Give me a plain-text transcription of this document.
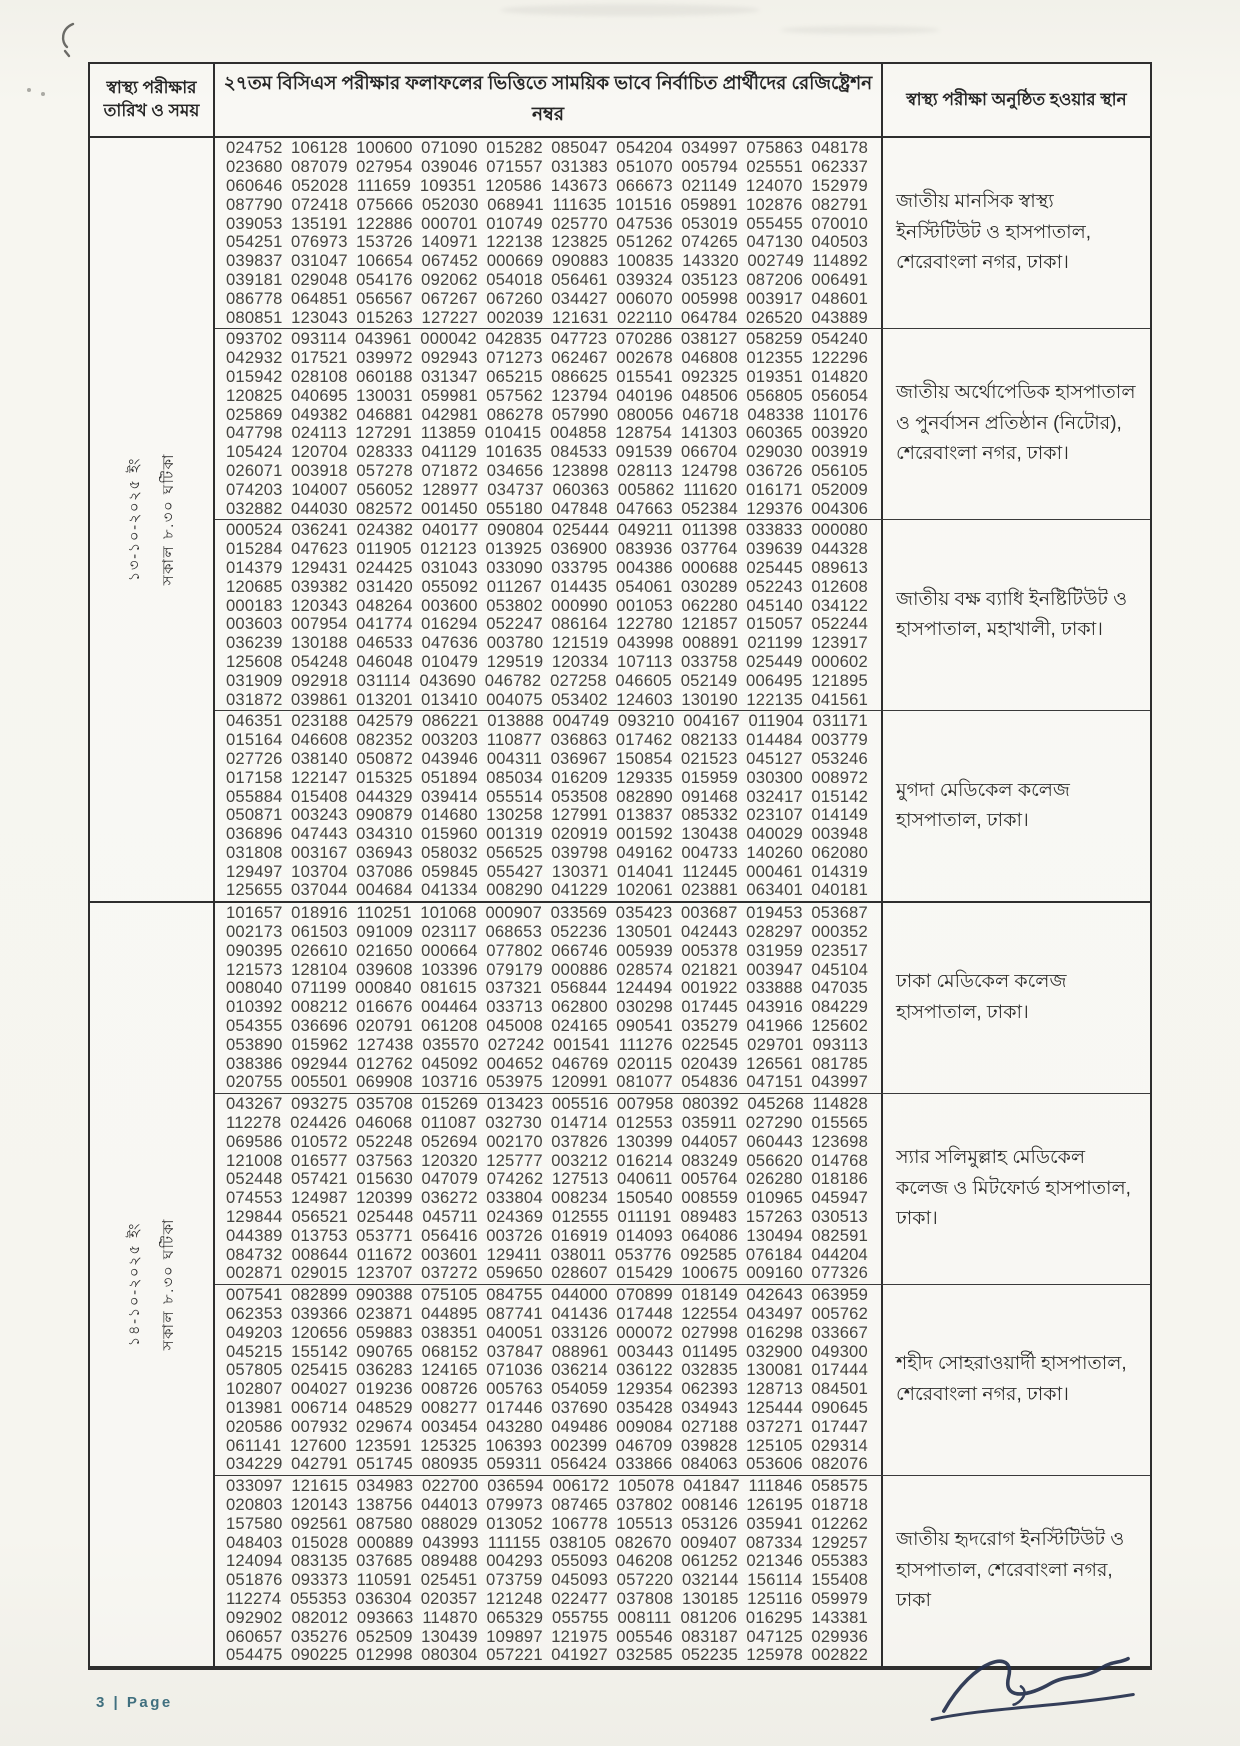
স্বাস্থ্য পরীক্ষার তারিখ ও সময়
২৭তম বিসিএস পরীক্ষার ফলাফলের ভিত্তিতে সাময়িক ভাবে নির্বাচিত প্রার্থীদের রেজিষ্ট্রেশন নম্বর
স্বাস্থ্য পরীক্ষা অনুষ্ঠিত হওয়ার স্থান
১৩-১০-২০২৫ ইং সকাল ৮.৩০ ঘটিকা
024752 106128 100600 071090 015282 085047 054204 034997 075863 048178
023680 087079 027954 039046 071557 031383 051070 005794 025551 062337
060646 052028 111659 109351 120586 143673 066673 021149 124070 152979
087790 072418 075666 052030 068941 111635 101516 059891 102876 082791
039053 135191 122886 000701 010749 025770 047536 053019 055455 070010
054251 076973 153726 140971 122138 123825 051262 074265 047130 040503
039837 031047 106654 067452 000669 090883 100835 143320 002749 114892
039181 029048 054176 092062 054018 056461 039324 035123 087206 006491
086778 064851 056567 067267 067260 034427 006070 005998 003917 048601
080851 123043 015263 127227 002039 121631 022110 064784 026520 043889
জাতীয় মানসিক স্বাস্থ্য ইনস্টিটিউট ও হাসপাতাল, শেরেবাংলা নগর, ঢাকা।
093702 093114 043961 000042 042835 047723 070286 038127 058259 054240
042932 017521 039972 092943 071273 062467 002678 046808 012355 122296
015942 028108 060188 031347 065215 086625 015541 092325 019351 014820
120825 040695 130031 059981 057562 123794 040196 048506 056805 056054
025869 049382 046881 042981 086278 057990 080056 046718 048338 110176
047798 024113 127291 113859 010415 004858 128754 141303 060365 003920
105424 120704 028333 041129 101635 084533 091539 066704 029030 003919
026071 003918 057278 071872 034656 123898 028113 124798 036726 056105
074203 104007 056052 128977 034737 060363 005862 111620 016171 052009
032882 044030 082572 001450 055180 047848 047663 052384 129376 004306
জাতীয় অর্থোপেডিক হাসপাতাল ও পুনর্বাসন প্রতিষ্ঠান (নিটোর), শেরেবাংলা নগর, ঢাকা।
000524 036241 024382 040177 090804 025444 049211 011398 033833 000080
015284 047623 011905 012123 013925 036900 083936 037764 039639 044328
014379 129431 024425 031043 033090 033795 004386 000688 025445 089613
120685 039382 031420 055092 011267 014435 054061 030289 052243 012608
000183 120343 048264 003600 053802 000990 001053 062280 045140 034122
003603 007954 041774 016294 052247 086164 122780 121857 015057 052244
036239 130188 046533 047636 003780 121519 043998 008891 021199 123917
125608 054248 046048 010479 129519 120334 107113 033758 025449 000602
031909 092918 031114 043690 046782 027258 046605 052149 006495 121895
031872 039861 013201 013410 004075 053402 124603 130190 122135 041561
জাতীয় বক্ষ ব্যাধি ইনষ্টিটিউট ও হাসপাতাল, মহাখালী, ঢাকা।
046351 023188 042579 086221 013888 004749 093210 004167 011904 031171
015164 046608 082352 003203 110877 036863 017462 082133 014484 003779
027726 038140 050872 043946 004311 036967 150854 021523 045127 053246
017158 122147 015325 051894 085034 016209 129335 015959 030300 008972
055884 015408 044329 039414 055514 053508 082890 091468 032417 015142
050871 003243 090879 014680 130258 127991 013837 085332 023107 014149
036896 047443 034310 015960 001319 020919 001592 130438 040029 003948
031808 003167 036943 058032 056525 039798 049162 004733 140260 062080
129497 103704 037086 059845 055427 130371 014041 112445 000461 014319
125655 037044 004684 041334 008290 041229 102061 023881 063401 040181
মুগদা মেডিকেল কলেজ হাসপাতাল, ঢাকা।
১৪-১০-২০২৫ ইং সকাল ৮.৩০ ঘটিকা
101657 018916 110251 101068 000907 033569 035423 003687 019453 053687
002173 061503 091009 023117 068653 052236 130501 042443 028297 000352
090395 026610 021650 000664 077802 066746 005939 005378 031959 023517
121573 128104 039608 103396 079179 000886 028574 021821 003947 045104
008040 071199 000840 081615 037321 056844 124494 001922 033888 047035
010392 008212 016676 004464 033713 062800 030298 017445 043916 084229
054355 036696 020791 061208 045008 024165 090541 035279 041966 125602
053890 015962 127438 035570 027242 001541 111276 022545 029701 093113
038386 092944 012762 045092 004652 046769 020115 020439 126561 081785
020755 005501 069908 103716 053975 120991 081077 054836 047151 043997
ঢাকা মেডিকেল কলেজ হাসপাতাল, ঢাকা।
043267 093275 035708 015269 013423 005516 007958 080392 045268 114828
112278 024426 046068 011087 032730 014714 012553 035911 027290 015565
069586 010572 052248 052694 002170 037826 130399 044057 060443 123698
121008 016577 037563 120320 125777 003212 016214 083249 056620 014768
052448 057421 015630 047079 074262 127513 040611 005764 026280 018186
074553 124987 120399 036272 033804 008234 150540 008559 010965 045947
129844 056521 025448 045711 024369 012555 011191 089483 157263 030513
044389 013753 053771 056416 003726 016919 014093 064086 130494 082591
084732 008644 011672 003601 129411 038011 053776 092585 076184 044204
002871 029015 123707 037272 059650 028607 015429 100675 009160 077326
স্যার সলিমুল্লাহ মেডিকেল কলেজ ও মিটফোর্ড হাসপাতাল, ঢাকা।
007541 082899 090388 075105 084755 044000 070899 018149 042643 063959
062353 039366 023871 044895 087741 041436 017448 122554 043497 005762
049203 120656 059883 038351 040051 033126 000072 027998 016298 033667
045215 155142 090765 068152 037847 088961 003443 011495 032900 049300
057805 025415 036283 124165 071036 036214 036122 032835 130081 017444
102807 004027 019236 008726 005763 054059 129354 062393 128713 084501
013981 006714 048529 008277 017446 037690 035428 034943 125444 090645
020586 007932 029674 003454 043280 049486 009084 027188 037271 017447
061141 127600 123591 125325 106393 002399 046709 039828 125105 029314
034229 042791 051745 080935 059311 056424 033866 084063 053606 082076
শহীদ সোহরাওয়ার্দী হাসপাতাল, শেরেবাংলা নগর, ঢাকা।
033097 121615 034983 022700 036594 006172 105078 041847 111846 058575
020803 120143 138756 044013 079973 087465 037802 008146 126195 018718
157580 092561 087580 088029 013052 106778 105513 053126 035941 012262
048403 015028 000889 043993 111155 038105 082670 009407 087334 129257
124094 083135 037685 089488 004293 055093 046208 061252 021346 055383
051876 093373 110591 025451 073759 045093 057220 032144 156114 155408
112274 055353 036304 020357 121248 022477 037808 130185 125116 059979
092902 082012 093663 114870 065329 055755 008111 081206 016295 143381
060657 035276 052509 130439 109897 121975 005546 083187 047125 029936
054475 090225 012998 080304 057221 041927 032585 052235 125978 002822
জাতীয় হৃদরোগ ইনস্টিটিউট ও হাসপাতাল, শেরেবাংলা নগর, ঢাকা
3 | Page
